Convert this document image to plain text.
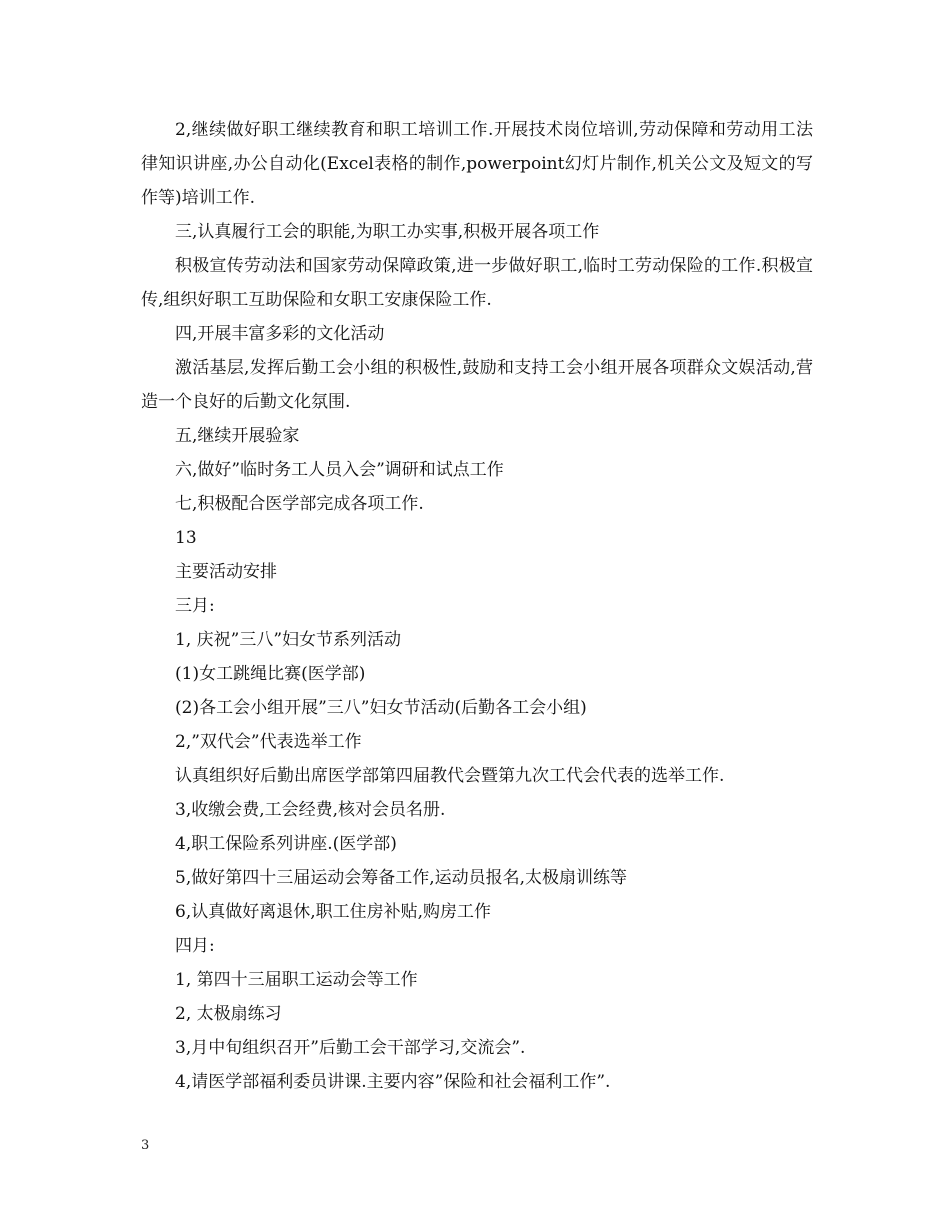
2,继续做好职工继续教育和职工培训工作.开展技术岗位培训,劳动保障和劳动用工法律知识讲座,办公自动化(Excel表格的制作,powerpoint幻灯片制作,机关公文及短文的写作等)培训工作.

三,认真履行工会的职能,为职工办实事,积极开展各项工作

积极宣传劳动法和国家劳动保障政策,进一步做好职工,临时工劳动保险的工作.积极宣传,组织好职工互助保险和女职工安康保险工作.

四,开展丰富多彩的文化活动

激活基层,发挥后勤工会小组的积极性,鼓励和支持工会小组开展各项群众文娱活动,营造一个良好的后勤文化氛围.

五,继续开展验家

六,做好”临时务工人员入会”调研和试点工作

七,积极配合医学部完成各项工作.

13

主要活动安排

三月:

1, 庆祝”三八”妇女节系列活动

(1)女工跳绳比赛(医学部)

(2)各工会小组开展”三八”妇女节活动(后勤各工会小组)

2,”双代会”代表选举工作

认真组织好后勤出席医学部第四届教代会暨第九次工代会代表的选举工作.

3,收缴会费,工会经费,核对会员名册.

4,职工保险系列讲座.(医学部)

5,做好第四十三届运动会筹备工作,运动员报名,太极扇训练等

6,认真做好离退休,职工住房补贴,购房工作

四月:

1, 第四十三届职工运动会等工作

2, 太极扇练习

3,月中旬组织召开”后勤工会干部学习,交流会”.

4,请医学部福利委员讲课.主要内容”保险和社会福利工作”.

3
